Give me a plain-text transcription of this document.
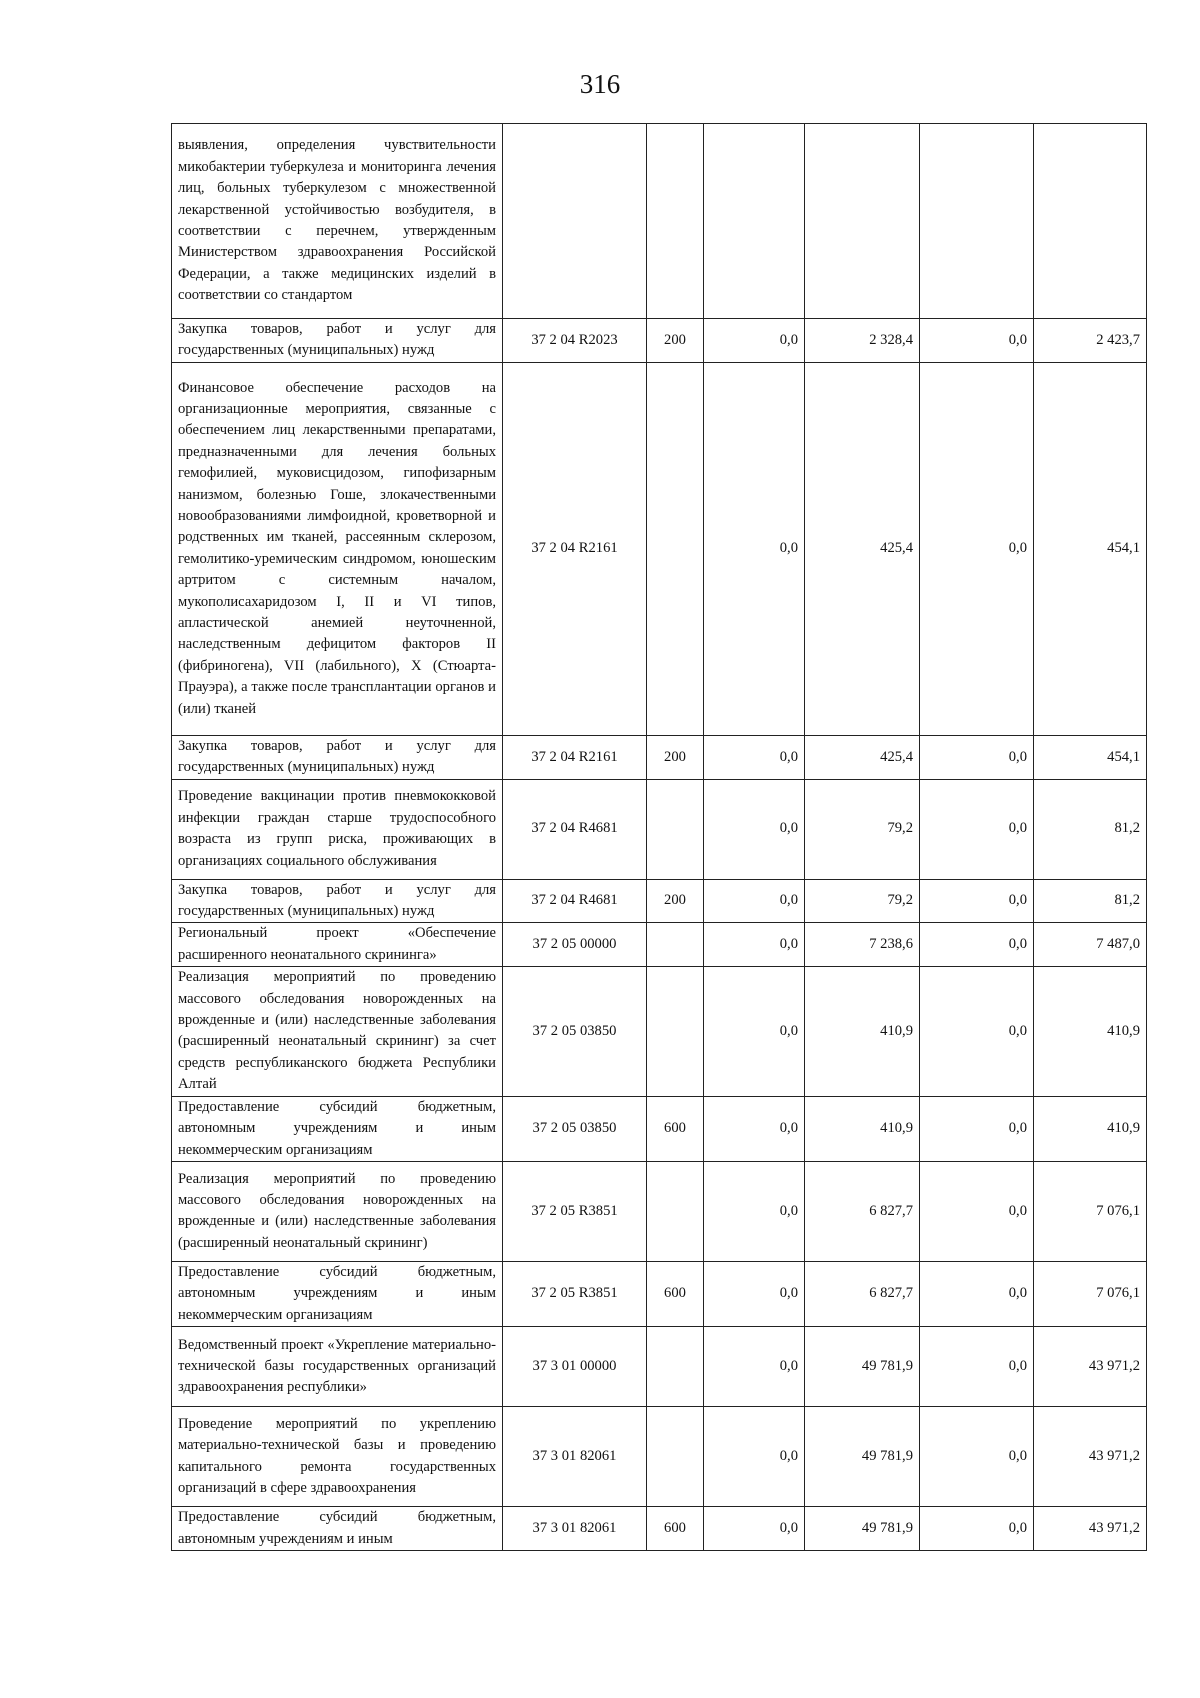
316
выявления, определения чувствительности микобактерии туберкулеза и мониторинга лечения лиц, больных туберкулезом с множественной лекарственной устойчивостью возбудителя, в соответствии с перечнем, утвержденным Министерством здравоохранения Российской Федерации, а также медицинских изделий в соответствии со стандартом						
Закупка товаров, работ и услуг для государственных (муниципальных) нужд	37 2 04 R2023	200	0,0	2 328,4	0,0	2 423,7
Финансовое обеспечение расходов на организационные мероприятия, связанные с обеспечением лиц лекарственными препаратами, предназначенными для лечения больных гемофилией, муковисцидозом, гипофизарным нанизмом, болезнью Гоше, злокачественными новообразованиями лимфоидной, кроветворной и родственных им тканей, рассеянным склерозом, гемолитико-уремическим синдромом, юношеским артритом с системным началом, мукополисахаридозом I, II и VI типов, апластической анемией неуточненной, наследственным дефицитом факторов II (фибриногена), VII (лабильного), X (Стюарта-Прауэра), а также после трансплантации органов и (или) тканей	37 2 04 R2161		0,0	425,4	0,0	454,1
Закупка товаров, работ и услуг для государственных (муниципальных) нужд	37 2 04 R2161	200	0,0	425,4	0,0	454,1
Проведение вакцинации против пневмококковой инфекции граждан старше трудоспособного возраста из групп риска, проживающих в организациях социального обслуживания	37 2 04 R4681		0,0	79,2	0,0	81,2
Закупка товаров, работ и услуг для государственных (муниципальных) нужд	37 2 04 R4681	200	0,0	79,2	0,0	81,2
Региональный проект «Обеспечение расширенного неонатального скрининга»	37 2 05 00000		0,0	7 238,6	0,0	7 487,0
Реализация мероприятий по проведению массового обследования новорожденных на врожденные и (или) наследственные заболевания (расширенный неонатальный скрининг) за счет средств республиканского бюджета Республики Алтай	37 2 05 03850		0,0	410,9	0,0	410,9
Предоставление субсидий бюджетным, автономным учреждениям и иным некоммерческим организациям	37 2 05 03850	600	0,0	410,9	0,0	410,9
Реализация мероприятий по проведению массового обследования новорожденных на врожденные и (или) наследственные заболевания (расширенный неонатальный скрининг)	37 2 05 R3851		0,0	6 827,7	0,0	7 076,1
Предоставление субсидий бюджетным, автономным учреждениям и иным некоммерческим организациям	37 2 05 R3851	600	0,0	6 827,7	0,0	7 076,1
Ведомственный проект «Укрепление материально-технической базы государственных организаций здравоохранения республики»	37 3 01 00000		0,0	49 781,9	0,0	43 971,2
Проведение мероприятий по укреплению материально-технической базы и проведению капитального ремонта государственных организаций в сфере здравоохранения	37 3 01 82061		0,0	49 781,9	0,0	43 971,2
Предоставление субсидий бюджетным, автономным учреждениям и иным	37 3 01 82061	600	0,0	49 781,9	0,0	43 971,2
